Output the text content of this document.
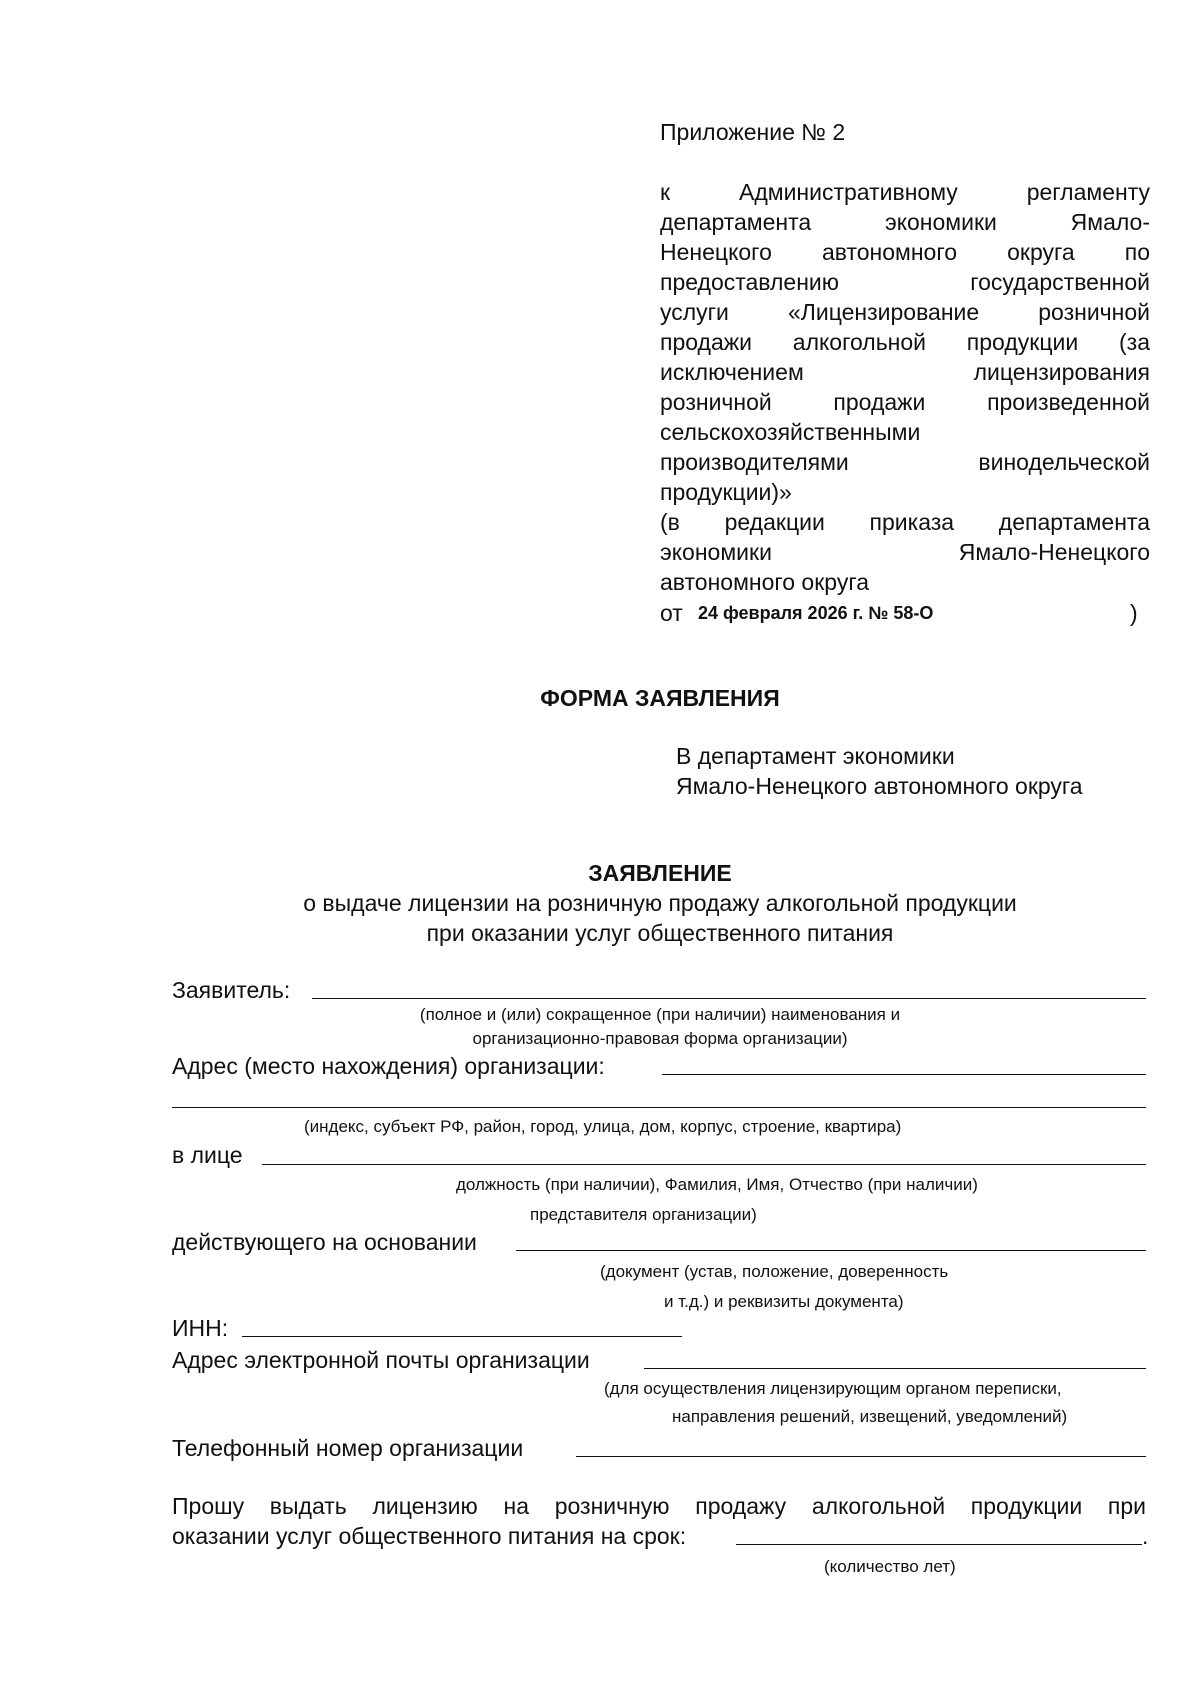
Приложение № 2
к Административному регламенту
департамента экономики Ямало-
Ненецкого автономного округа по
предоставлению государственной
услуги «Лицензирование розничной
продажи алкогольной продукции (за
исключением лицензирования
розничной продажи произведенной
сельскохозяйственными
производителями винодельческой
продукции)»
(в редакции приказа департамента
экономики Ямало-Ненецкого
автономного округа
от 24 февраля 2026 г. № 58-О	)
ФОРМА ЗАЯВЛЕНИЯ
В департамент экономики
Ямало-Ненецкого автономного округа
ЗАЯВЛЕНИЕ
о выдаче лицензии на розничную продажу алкогольной продукции
при оказании услуг общественного питания
Заявитель:
(полное и (или) сокращенное (при наличии) наименования и
организационно-правовая форма организации)
Адрес (место нахождения) организации:
(индекс, субъект РФ, район, город, улица, дом, корпус, строение, квартира)
в лице
должность (при наличии), Фамилия, Имя, Отчество (при наличии)
представителя организации)
действующего на основании
(документ (устав, положение, доверенность
и т.д.) и реквизиты документа)
ИНН:
Адрес электронной почты организации
(для осуществления лицензирующим органом переписки,
направления решений, извещений, уведомлений)
Телефонный номер организации
Прошу выдать лицензию на розничную продажу алкогольной продукции при
оказании услуг общественного питания на срок:	.
(количество лет)
